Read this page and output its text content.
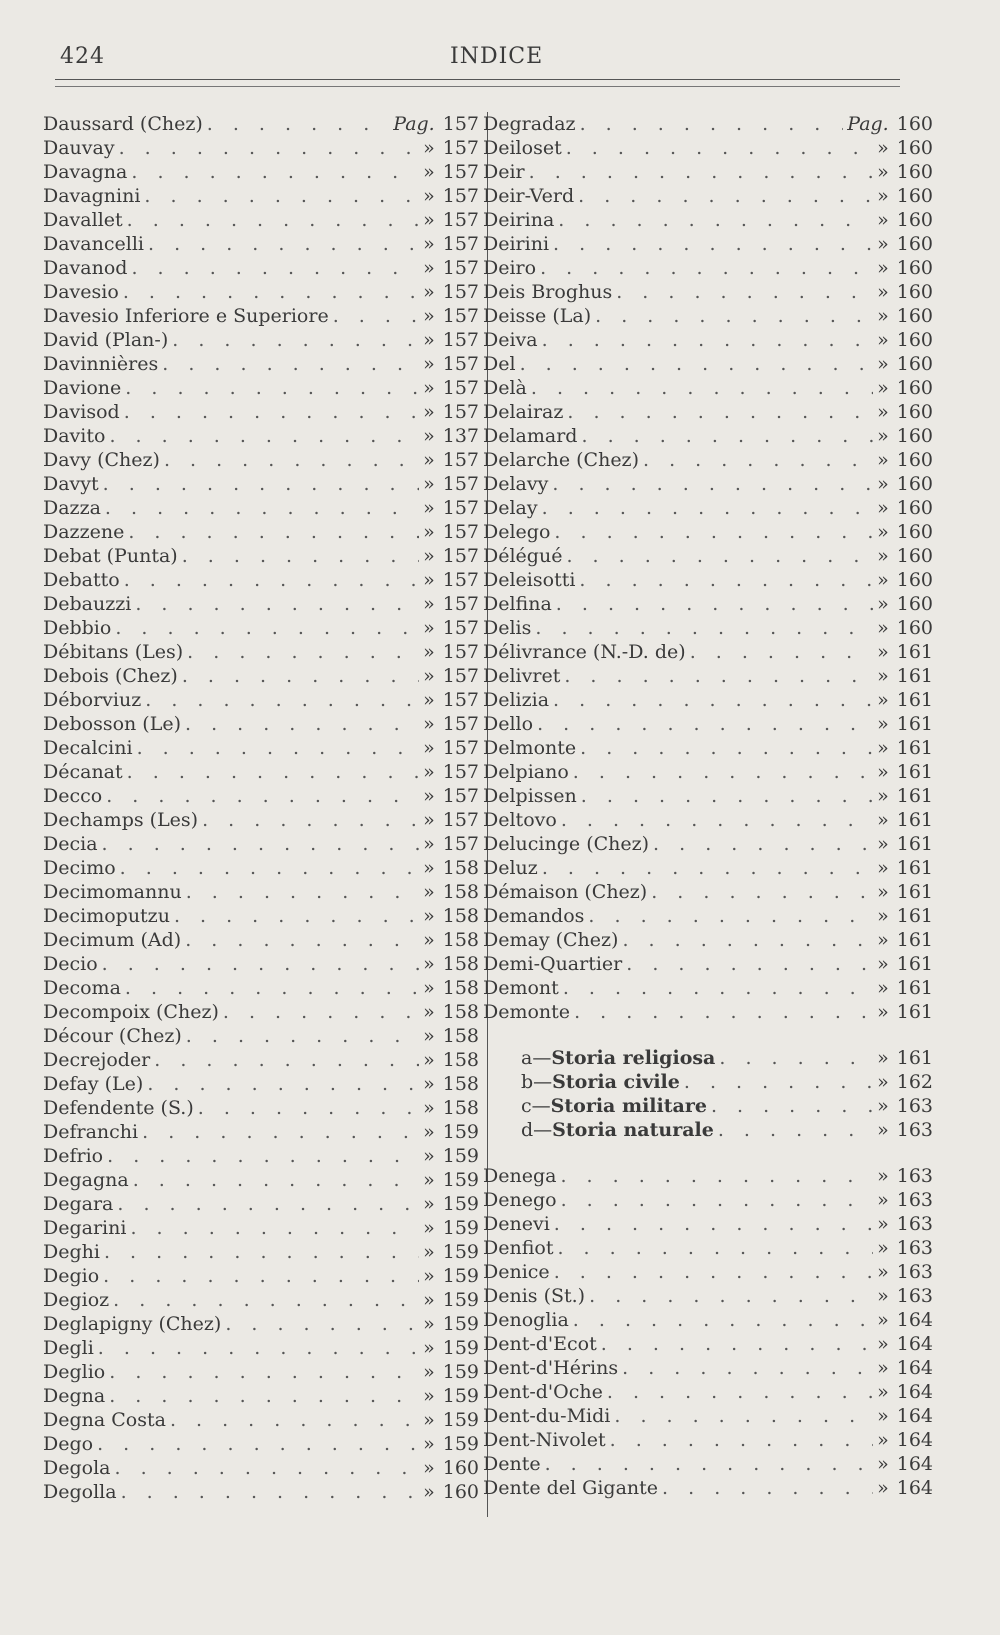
424	INDICE
Daussard (Chez) . . .	Pag. 157
Dauvay . . .	» 157
Davagna . . .	» 157
Davagnini . . .	» 157
Davallet . . .	» 157
Davancelli . . .	» 157
Davanod . . .	» 157
Davesio . . .	» 157
Davesio Inferiore e Superiore . . .	» 157
David (Plan-) . . .	» 157
Davinnières . . .	» 157
Davione . . .	» 157
Davisod . . .	» 157
Davito . . .	» 137
Davy (Chez) . . .	» 157
Davyt . . .	» 157
Dazza . . .	» 157
Dazzene . . .	» 157
Debat (Punta) . . .	» 157
Debatto . . .	» 157
Debauzzi . . .	» 157
Debbio . . .	» 157
Débitans (Les) . . .	» 157
Debois (Chez) . . .	» 157
Déborviuz . . .	» 157
Debosson (Le) . . .	» 157
Decalcini . . .	» 157
Décanat . . .	» 157
Decco . . .	» 157
Dechamps (Les) . . .	» 157
Decia . . .	» 157
Decimo . . .	» 158
Decimomannu . . .	» 158
Decimoputzu . . .	» 158
Decimum (Ad) . . .	» 158
Decio . . .	» 158
Decoma . . .	» 158
Decompoix (Chez) . . .	» 158
Décour (Chez) . . .	» 158
Decrejoder . . .	» 158
Defay (Le) . . .	» 158
Defendente (S.) . . .	» 158
Defranchi . . .	» 159
Defrio . . .	» 159
Degagna . . .	» 159
Degara . . .	» 159
Degarini . . .	» 159
Deghi . . .	» 159
Degio . . .	» 159
Degioz . . .	» 159
Deglapigny (Chez) . . .	» 159
Degli . . .	» 159
Deglio . . .	» 159
Degna . . .	» 159
Degna Costa . . .	» 159
Dego . . .	» 159
Degola . . .	» 160
Degolla . . .	» 160
Degradaz . . .	Pag. 160
Deiloset . . .	» 160
Deir . . .	» 160
Deir-Verd . . .	» 160
Deirina . . .	» 160
Deirini . . .	» 160
Deiro . . .	» 160
Deis Broghus . . .	» 160
Deisse (La) . . .	» 160
Deiva . . .	» 160
Del . . .	» 160
Delà . . .	» 160
Delairaz . . .	» 160
Delamard . . .	» 160
Delarche (Chez) . . .	» 160
Delavy . . .	» 160
Delay . . .	» 160
Delego . . .	» 160
Délégué . . .	» 160
Deleisotti . . .	» 160
Delfina . . .	» 160
Delis . . .	» 160
Délivrance (N.-D. de) . . .	» 161
Delivret . . .	» 161
Delizia . . .	» 161
Dello . . .	» 161
Delmonte . . .	» 161
Delpiano . . .	» 161
Delpissen . . .	» 161
Deltovo . . .	» 161
Delucinge (Chez) . . .	» 161
Deluz . . .	» 161
Démaison (Chez) . . .	» 161
Demandos . . .	» 161
Demay (Chez) . . .	» 161
Demi-Quartier . . .	» 161
Demont . . .	» 161
Demonte . . .	» 161
a — Storia religiosa . . .	» 161
b — Storia civile . . .	» 162
c — Storia militare . . .	» 163
d — Storia naturale . . .	» 163
Denega . . .	» 163
Denego . . .	» 163
Denevi . . .	» 163
Denfiot . . .	» 163
Denice . . .	» 163
Denis (St.) . . .	» 163
Denoglia . . .	» 164
Dent-d'Ecot . . .	» 164
Dent-d'Hérins . . .	» 164
Dent-d'Oche . . .	» 164
Dent-du-Midi . . .	» 164
Dent-Nivolet . . .	» 164
Dente . . .	» 164
Dente del Gigante . . .	» 164
